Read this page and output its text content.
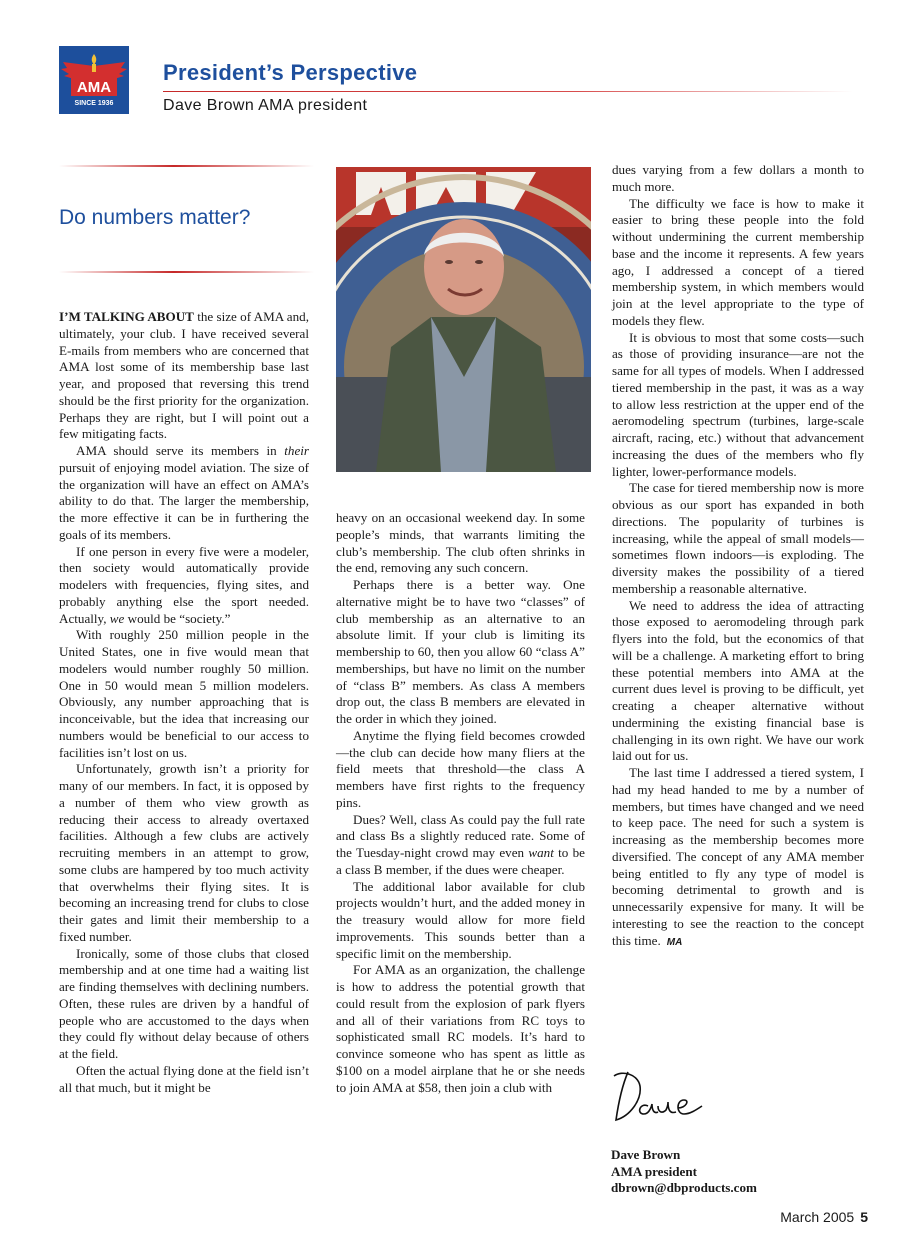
AMA
SINCE 1936
President’s Perspective
Dave Brown AMA president
Do numbers matter?

I’M TALKING ABOUT the size of AMA and, ultimately, your club. I have received several E-mails from members who are concerned that AMA lost some of its membership base last year, and proposed that reversing this trend should be the first priority for the organization. Perhaps they are right, but I will point out a few mitigating facts.

AMA should serve its members in their pursuit of enjoying model aviation. The size of the organization will have an effect on AMA’s ability to do that. The larger the membership, the more effective it can be in furthering the goals of its members.

If one person in every five were a modeler, then society would automatically provide modelers with frequencies, flying sites, and probably anything else the sport needed. Actually, we would be “society.”

With roughly 250 million people in the United States, one in five would mean that modelers would number roughly 50 million. One in 50 would mean 5 million modelers. Obviously, any number approaching that is inconceivable, but the idea that increasing our numbers would be beneficial to our access to facilities isn’t lost on us.

Unfortunately, growth isn’t a priority for many of our members. In fact, it is opposed by a number of them who view growth as reducing their access to already overtaxed facilities. Although a few clubs are actively recruiting members in an attempt to grow, some clubs are hampered by too much activity that overwhelms their flying sites. It is becoming an increasing trend for clubs to close their gates and limit their membership to a fixed number.

Ironically, some of those clubs that closed membership and at one time had a waiting list are finding themselves with declining numbers. Often, these rules are driven by a handful of people who are accustomed to the days when they could fly without delay because of others at the field.

Often the actual flying done at the field isn’t all that much, but it might be

heavy on an occasional weekend day. In some people’s minds, that warrants limiting the club’s membership. The club often shrinks in the end, removing any such concern.

Perhaps there is a better way. One alternative might be to have two “classes” of club membership as an alternative to an absolute limit. If your club is limiting its membership to 60, then you allow 60 “class A” memberships, but have no limit on the number of “class B” members. As class A members drop out, the class B members are elevated in the order in which they joined.

Anytime the flying field becomes crowded—the club can decide how many fliers at the field meets that threshold—the class A members have first rights to the frequency pins.

Dues? Well, class As could pay the full rate and class Bs a slightly reduced rate. Some of the Tuesday-night crowd may even want to be a class B member, if the dues were cheaper.

The additional labor available for club projects wouldn’t hurt, and the added money in the treasury would allow for more field improvements. This sounds better than a specific limit on the membership.

For AMA as an organization, the challenge is how to address the potential growth that could result from the explosion of park flyers and all of their variations from RC toys to sophisticated small RC models. It’s hard to convince someone who has spent as little as $100 on a model airplane that he or she needs to join AMA at $58, then join a club with

dues varying from a few dollars a month to much more.

The difficulty we face is how to make it easier to bring these people into the fold without undermining the current membership base and the income it represents. A few years ago, I addressed a concept of a tiered membership system, in which members would join at the level appropriate to the type of models they flew.

It is obvious to most that some costs—such as those of providing insurance—are not the same for all types of models. When I addressed tiered membership in the past, it was as a way to allow less restriction at the upper end of the aeromodeling spectrum (turbines, large-scale aircraft, racing, etc.) without that advancement increasing the dues of the members who fly lighter, lower-performance models.

The case for tiered membership now is more obvious as our sport has expanded in both directions. The popularity of turbines is increasing, while the appeal of small models—sometimes flown indoors—is exploding. The diversity makes the possibility of a tiered membership a reasonable alternative.

We need to address the idea of attracting those exposed to aeromodeling through park flyers into the fold, but the economics of that will be a challenge. A marketing effort to bring these potential members into AMA at the current dues level is proving to be difficult, yet creating a cheaper alternative without undermining the existing financial base is challenging in its own right. We have our work laid out for us.

The last time I addressed a tiered system, I had my head handed to me by a number of members, but times have changed and we need to keep pace. The need for such a system is increasing as the membership becomes more diversified. The concept of any AMA member being entitled to fly any type of model is becoming detrimental to growth and is unnecessarily expensive for many. It will be interesting to see the reaction to the concept this time. MA

Dave Brown
AMA president
dbrown@dbproducts.com
March 2005 5
